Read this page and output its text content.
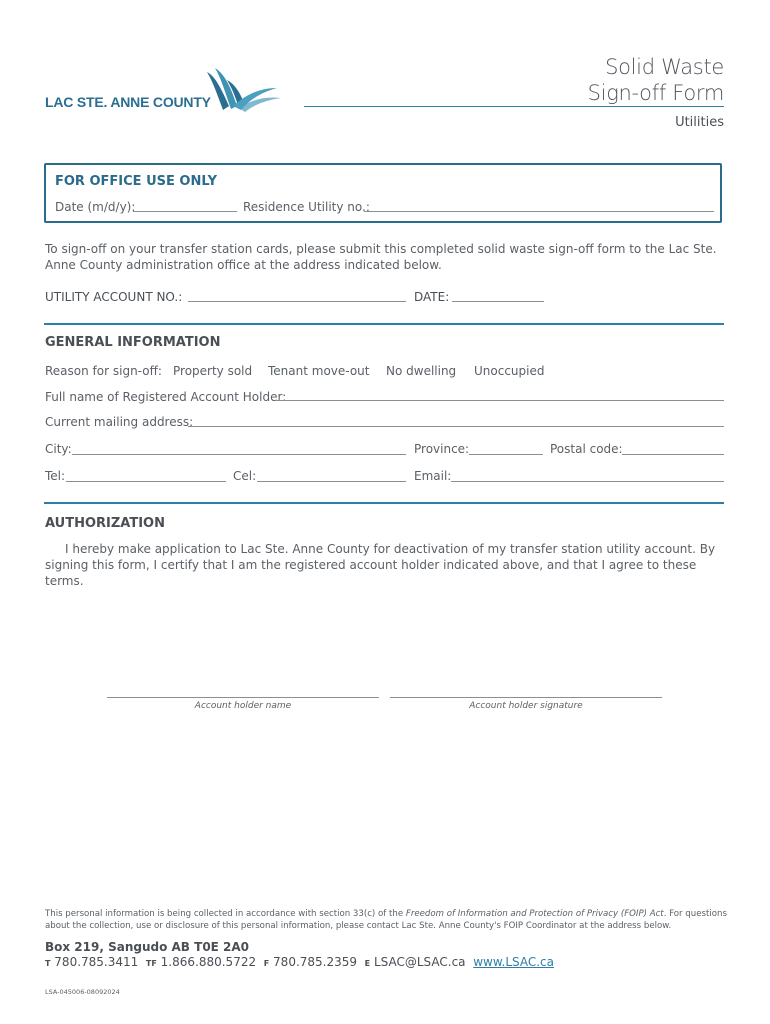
LAC STE. ANNE COUNTY
Solid Waste
Sign-off Form
Utilities
FOR OFFICE USE ONLY
Date (m/d/y):	Residence Utility no.:
To sign-off on your transfer station cards, please submit this completed solid waste sign-off form to the Lac Ste. Anne County administration office at the address indicated below.
UTILITY ACCOUNT NO.:	DATE:
GENERAL INFORMATION
Reason for sign-off: Property sold Tenant move-out No dwelling Unoccupied
Full name of Registered Account Holder:
Current mailing address:
City:	Province:	Postal code:
Tel:	Cel:	Email:
AUTHORIZATION
I hereby make application to Lac Ste. Anne County for deactivation of my transfer station utility account. By signing this form, I certify that I am the registered account holder indicated above, and that I agree to these terms.
Account holder name	Account holder signature
This personal information is being collected in accordance with section 33(c) of the Freedom of Information and Protection of Privacy (FOIP) Act. For questions about the collection, use or disclosure of this personal information, please contact Lac Ste. Anne County's FOIP Coordinator at the address below.
Box 219, Sangudo AB T0E 2A0
T 780.785.3411 TF 1.866.880.5722 F 780.785.2359 E LSAC@LSAC.ca www.LSAC.ca
LSA-045006-08092024
